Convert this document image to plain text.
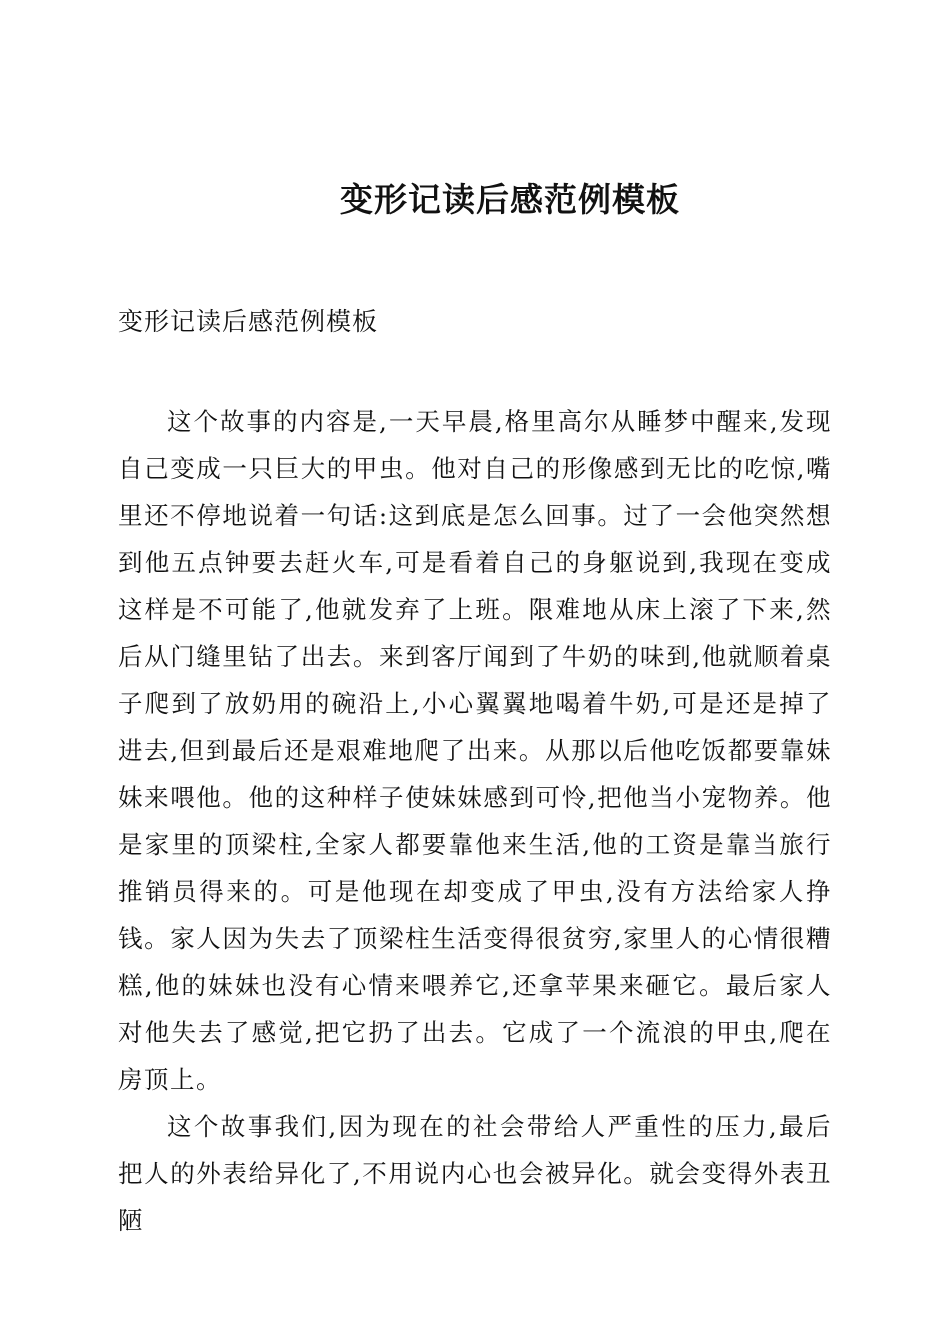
变形记读后感范例模板

变形记读后感范例模板

这个故事的内容是,一天早晨,格里高尔从睡梦中醒来,发现自己变成一只巨大的甲虫。他对自己的形像感到无比的吃惊,嘴里还不停地说着一句话:这到底是怎么回事。过了一会他突然想到他五点钟要去赶火车,可是看着自己的身躯说到,我现在变成这样是不可能了,他就发弃了上班。限难地从床上滚了下来,然后从门缝里钻了出去。来到客厅闻到了牛奶的味到,他就顺着桌子爬到了放奶用的碗沿上,小心翼翼地喝着牛奶,可是还是掉了进去,但到最后还是艰难地爬了出来。从那以后他吃饭都要靠妹妹来喂他。他的这种样子使妹妹感到可怜,把他当小宠物养。他是家里的顶梁柱,全家人都要靠他来生活,他的工资是靠当旅行推销员得来的。可是他现在却变成了甲虫,没有方法给家人挣钱。家人因为失去了顶梁柱生活变得很贫穷,家里人的心情很糟糕,他的妹妹也没有心情来喂养它,还拿苹果来砸它。最后家人对他失去了感觉,把它扔了出去。它成了一个流浪的甲虫,爬在房顶上。

这个故事我们,因为现在的社会带给人严重性的压力,最后把人的外表给异化了,不用说内心也会被异化。就会变得外表丑陋
